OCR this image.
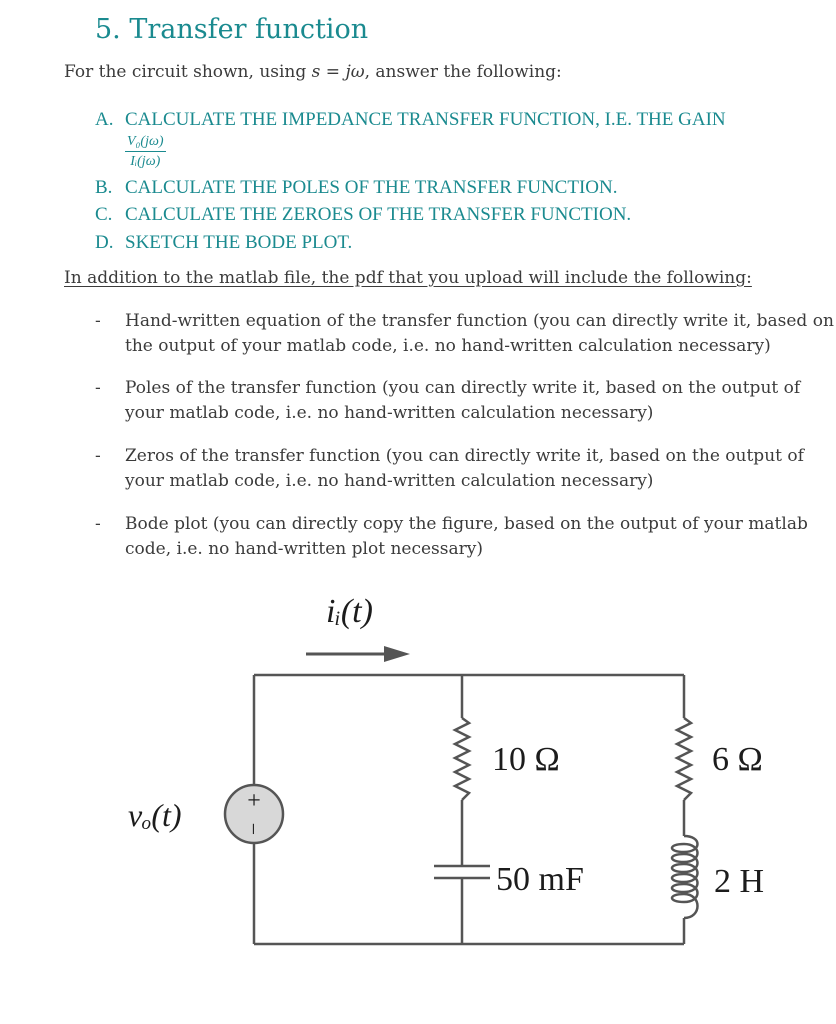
5. Transfer function
For the circuit shown, using s = jω, answer the following:
A. CALCULATE THE IMPEDANCE TRANSFER FUNCTION, I.E. THE GAIN
$\frac{\text{V₀(jω)}}{\text{Iᵢ(jω)}}$
B. CALCULATE THE POLES OF THE TRANSFER FUNCTION.
C. CALCULATE THE ZEROES OF THE TRANSFER FUNCTION.
D. SKETCH THE BODE PLOT.
In addition to the matlab file, the pdf that you upload will include the following:
- Hand-written equation of the transfer function (you can directly write it, based on
the output of your matlab code, i.e. no hand-written calculation necessary)
- Poles of the transfer function (you can directly write it, based on the output of
your matlab code, i.e. no hand-written calculation necessary)
- Zeros of the transfer function (you can directly write it, based on the output of
your matlab code, i.e. no hand-written calculation necessary)
- Bode plot (you can directly copy the figure, based on the output of your matlab
code, i.e. no hand-written plot necessary)
iᵢ(t)
+
−
vₒ(t)
10 Ω
50 mF
6 Ω
2 H
